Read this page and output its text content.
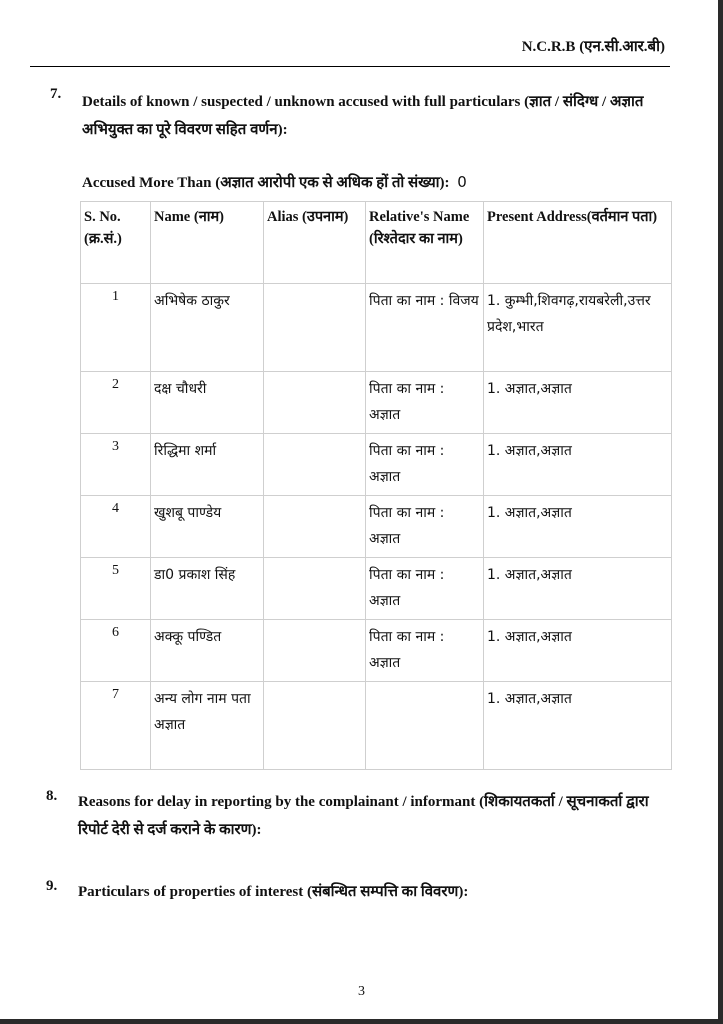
N.C.R.B (एन.सी.आर.बी)
7. Details of known / suspected / unknown accused with full particulars (ज्ञात / संदिग्ध / अज्ञात अभियुक्त का पूरे विवरण सहित वर्णन):
Accused More Than (अज्ञात आरोपी एक से अधिक हों तो संख्या): 0
S. No. (क्र.सं.)	Name (नाम)	Alias (उपनाम)	Relative's Name (रिश्तेदार का नाम)	Present Address(वर्तमान पता)
1	अभिषेक ठाकुर		पिता का नाम : विजय	1. कुम्भी,शिवगढ़,रायबरेली,उत्तर प्रदेश,भारत
2	दक्ष चौधरी		पिता का नाम : अज्ञात	1. अज्ञात,अज्ञात
3	रिद्धिमा शर्मा		पिता का नाम : अज्ञात	1. अज्ञात,अज्ञात
4	खुशबू पाण्डेय		पिता का नाम : अज्ञात	1. अज्ञात,अज्ञात
5	डा0 प्रकाश सिंह		पिता का नाम : अज्ञात	1. अज्ञात,अज्ञात
6	अक्कू पण्डित		पिता का नाम : अज्ञात	1. अज्ञात,अज्ञात
7	अन्य लोग नाम पता अज्ञात			1. अज्ञात,अज्ञात
8. Reasons for delay in reporting by the complainant / informant (शिकायतकर्ता / सूचनाकर्ता द्वारा रिपोर्ट देरी से दर्ज कराने के कारण):
9. Particulars of properties of interest (संबन्धित सम्पत्ति का विवरण):
3
